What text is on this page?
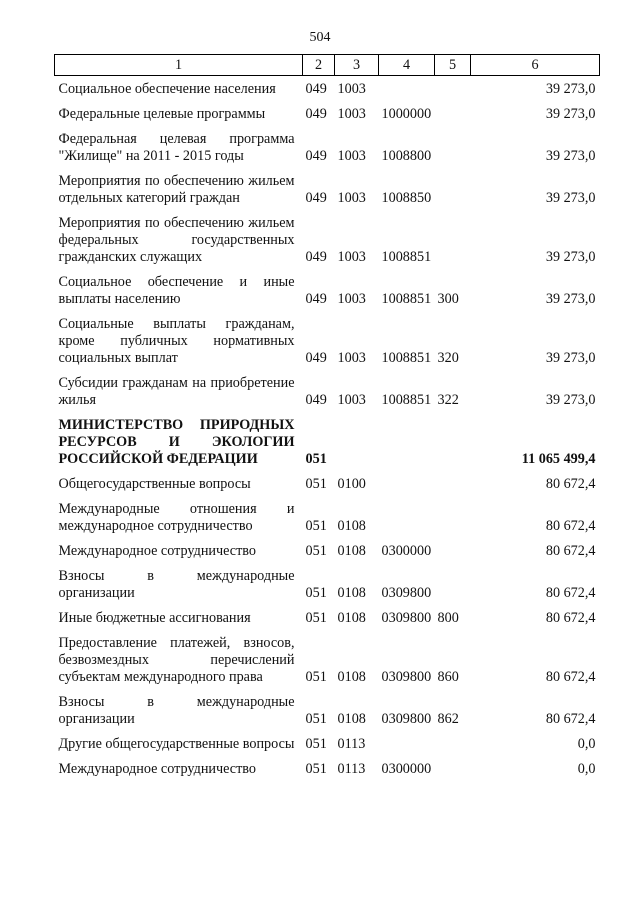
504
1	2	3	4	5	6
Социальное обеспечение населения	049	1003			39 273,0
Федеральные целевые программы	049	1003	1000000		39 273,0
Федеральная целевая программа "Жилище" на 2011 - 2015 годы	049	1003	1008800		39 273,0
Мероприятия по обеспечению жильем отдельных категорий граждан	049	1003	1008850		39 273,0
Мероприятия по обеспечению жильем федеральных государственных гражданских служащих	049	1003	1008851		39 273,0
Социальное обеспечение и иные выплаты населению	049	1003	1008851	300	39 273,0
Социальные выплаты гражданам, кроме публичных нормативных социальных выплат	049	1003	1008851	320	39 273,0
Субсидии гражданам на приобретение жилья	049	1003	1008851	322	39 273,0
МИНИСТЕРСТВО ПРИРОДНЫХ РЕСУРСОВ И ЭКОЛОГИИ РОССИЙСКОЙ ФЕДЕРАЦИИ	051				11 065 499,4
Общегосударственные вопросы	051	0100			80 672,4
Международные отношения и международное сотрудничество	051	0108			80 672,4
Международное сотрудничество	051	0108	0300000		80 672,4
Взносы в международные организации	051	0108	0309800		80 672,4
Иные бюджетные ассигнования	051	0108	0309800	800	80 672,4
Предоставление платежей, взносов, безвозмездных перечислений субъектам международного права	051	0108	0309800	860	80 672,4
Взносы в международные организации	051	0108	0309800	862	80 672,4
Другие общегосударственные вопросы	051	0113			0,0
Международное сотрудничество	051	0113	0300000		0,0
